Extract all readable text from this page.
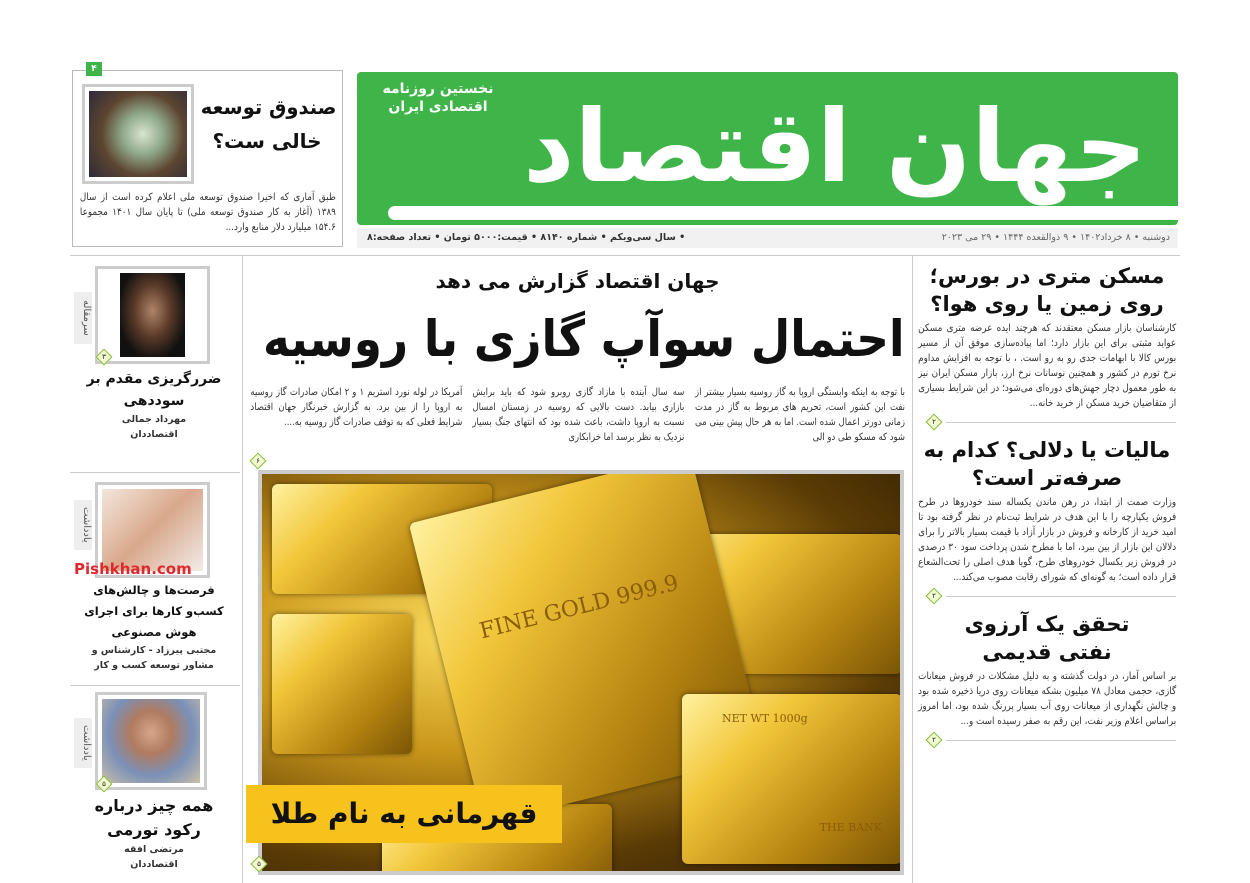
جهان اقتصاد
نخستین روزنامه
اقتصادی ایران
دوشنبه • ۸ خرداد۱۴۰۲ • ۹ ذوالقعده ۱۴۴۴ • ۲۹ می ۲۰۲۳
• سال سی‌ویکم • شماره ۸۱۴۰ • قیمت:۵۰۰۰ تومان • تعداد صفحه:۸
۴
صندوق توسعه
خالی ست؟
طبق آماری که اخیرا صندوق توسعه ملی اعلام کرده است از سال ۱۳۸۹ (آغاز به کار صندوق توسعه ملی) تا پایان سال ۱۴۰۱ مجموعا ۱۵۴.۶ میلیارد دلار منابع وارد...
جهان اقتصاد گزارش می دهد
احتمال سوآپ گازی با روسیه
با توجه به اینکه وابستگی اروپا به گاز روسیه بسیار بیشتر از نفت این کشور است، تحریم های مربوط به گاز در مدت زمانی دورتر اعمال شده است. اما به هر حال پیش بینی می شود که مسکو طی دو الی
سه سال آینده با مازاد گازی روبرو شود که باید برایش بازاری بیابد. دست بالایی که روسیه در زمستان امسال نسبت به اروپا داشت، باعث شده بود که انتهای جنگ بسیار نزدیک به نظر برسد اما خرابکاری
آمریکا در لوله نورد استریم ۱ و ۲ امکان صادرات گاز روسیه به اروپا را از بین برد. به گزارش خبرنگار جهان اقتصاد شرایط فعلی که به توقف صادرات گاز روسیه به....
۶
FINE GOLD 999.9
NET WT 1000g
THE BANK
قهرمانی به نام طلا
۵
مسکن متری در بورس؛ روی زمین یا روی هوا؟
کارشناسان بازار مسکن معتقدند که هرچند ایده عرضه متری مسکن عواید مثبتی برای این بازار دارد؛ اما پیاده‌سازی موفق آن از مسیر بورس کالا با ابهامات جدی رو به رو است. ، با توجه به افزایش مداوم نرخ تورم در کشور و همچنین نوسانات نرخ ارز، بازار مسکن ایران نیز به طور معمول دچار جهش‌های دوره‌ای می‌شود؛ در این شرایط بسیاری از متقاضیان خرید مسکن از خرید خانه...
۲
مالیات یا دلالی؟ کدام به صرفه‌تر است؟
وزارت صمت از ابتدا، در رهن ماندن یکساله سند خودروها در طرح فروش یکپارچه را با این هدف در شرایط ثبت‌نام در نظر گرفته بود تا امید خرید از کارخانه و فروش در بازار آزاد با قیمت بسیار بالاتر را برای دلالان این بازار از بین ببرد، اما با مطرح شدن پرداخت سود ۳۰ درصدی در فروش زیر یکسال خودروهای طرح، گویا هدف اصلی را تحت‌الشعاع قرار داده است؛ به گونه‌ای که شورای رقابت مصوب می‌کند...
۲
تحقق یک آرزوی نفتی قدیمی
بر اساس آمار، در دولت گذشته و به دلیل مشکلات در فروش میعانات گازی، حجمی معادل ۷۸ میلیون بشکه میعانات روی دریا ذخیره شده بود و چالش نگهداری از میعانات روی آب بسیار پررنگ شده بود، اما امروز براساس اعلام وزیر نفت، این رقم به صفر رسیده است و...
۲
سرمقاله
۳
ضررگریزی مقدم بر سوددهی
مهرداد جمالی
اقتصاددان
یادداشت
Pishkhan.com
فرصت‌ها و چالش‌های کسب‌و کارها برای اجرای هوش مصنوعی
مجتبی پیرزاد - کارشناس و
مشاور توسعه کسب و کار
یادداشت
۵
همه چیز درباره رکود تورمی
مرتضی افقه
اقتصاددان
